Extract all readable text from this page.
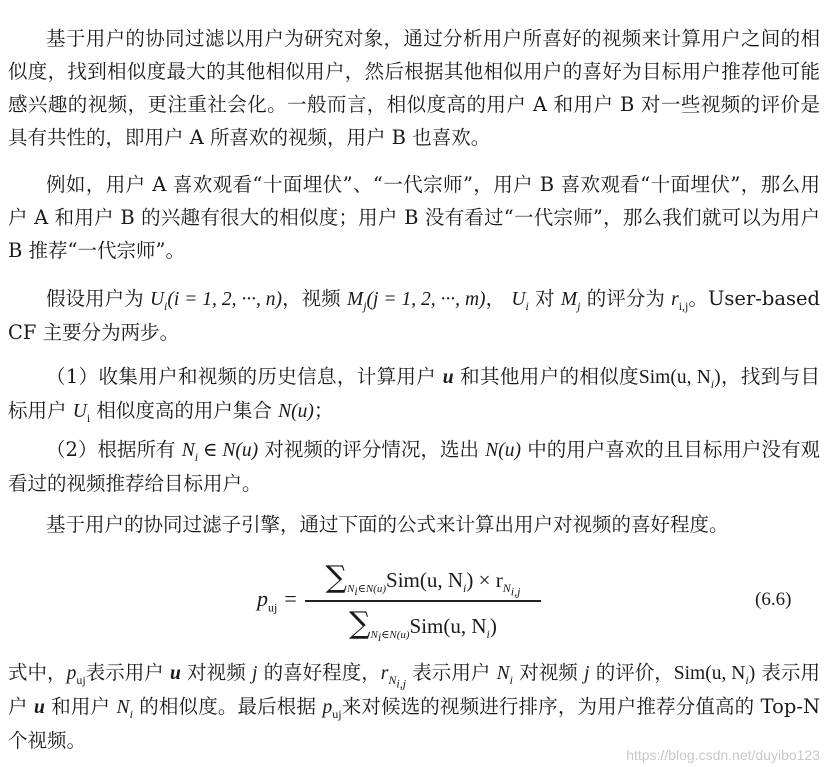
基于用户的协同过滤以用户为研究对象，通过分析用户所喜好的视频来计算用户之间的相似度，找到相似度最大的其他相似用户，然后根据其他相似用户的喜好为目标用户推荐他可能感兴趣的视频，更注重社会化。一般而言，相似度高的用户 A 和用户 B 对一些视频的评价是具有共性的，即用户 A 所喜欢的视频，用户 B 也喜欢。

例如，用户 A 喜欢观看“十面埋伏”、“一代宗师”，用户 B 喜欢观看“十面埋伏”，那么用户 A 和用户 B 的兴趣有很大的相似度；用户 B 没有看过“一代宗师”，那么我们就可以为用户 B 推荐“一代宗师”。

假设用户为 $U_i(i = 1$, 2, ···, n)，视频 $M_j(j = 1$, 2, ···, m)， $U_i$ 对 $M_j$ 的评分为 $r_{i,j}$。User-based CF 主要分为两步。

（1）收集用户和视频的历史信息，计算用户 u 和其他用户的相似度Sim(u, $N_i$)，找到与目标用户 $U_i$ 相似度高的用户集合 N(u)；

（2）根据所有 $N_i$ ∈ N(u) 对视频的评分情况，选出 N(u) 中的用户喜欢的且目标用户没有观看过的视频推荐给目标用户。

基于用户的协同过滤子引擎，通过下面的公式来计算出用户对视频的喜好程度。

$p_{uj}$ =
$\sum_{N_i\in N(u)}Sim(u$, $N_i) \times r_{N_{i,j}}$
$\sum_{N_i\in N(u)}Sim(u$, $N_i$)
(6.6)

式中，$p_{uj}$表示用户 u 对视频 j 的喜好程度，$r_{N_{i,j}}$ 表示用户 $N_i$ 对视频 j 的评价，Sim(u, $N_i$) 表示用户 u 和用户 $N_i$ 的相似度。最后根据 $p_{uj}$来对候选的视频进行排序，为用户推荐分值高的 Top-N 个视频。

https://blog.csdn.net/duyibo123
